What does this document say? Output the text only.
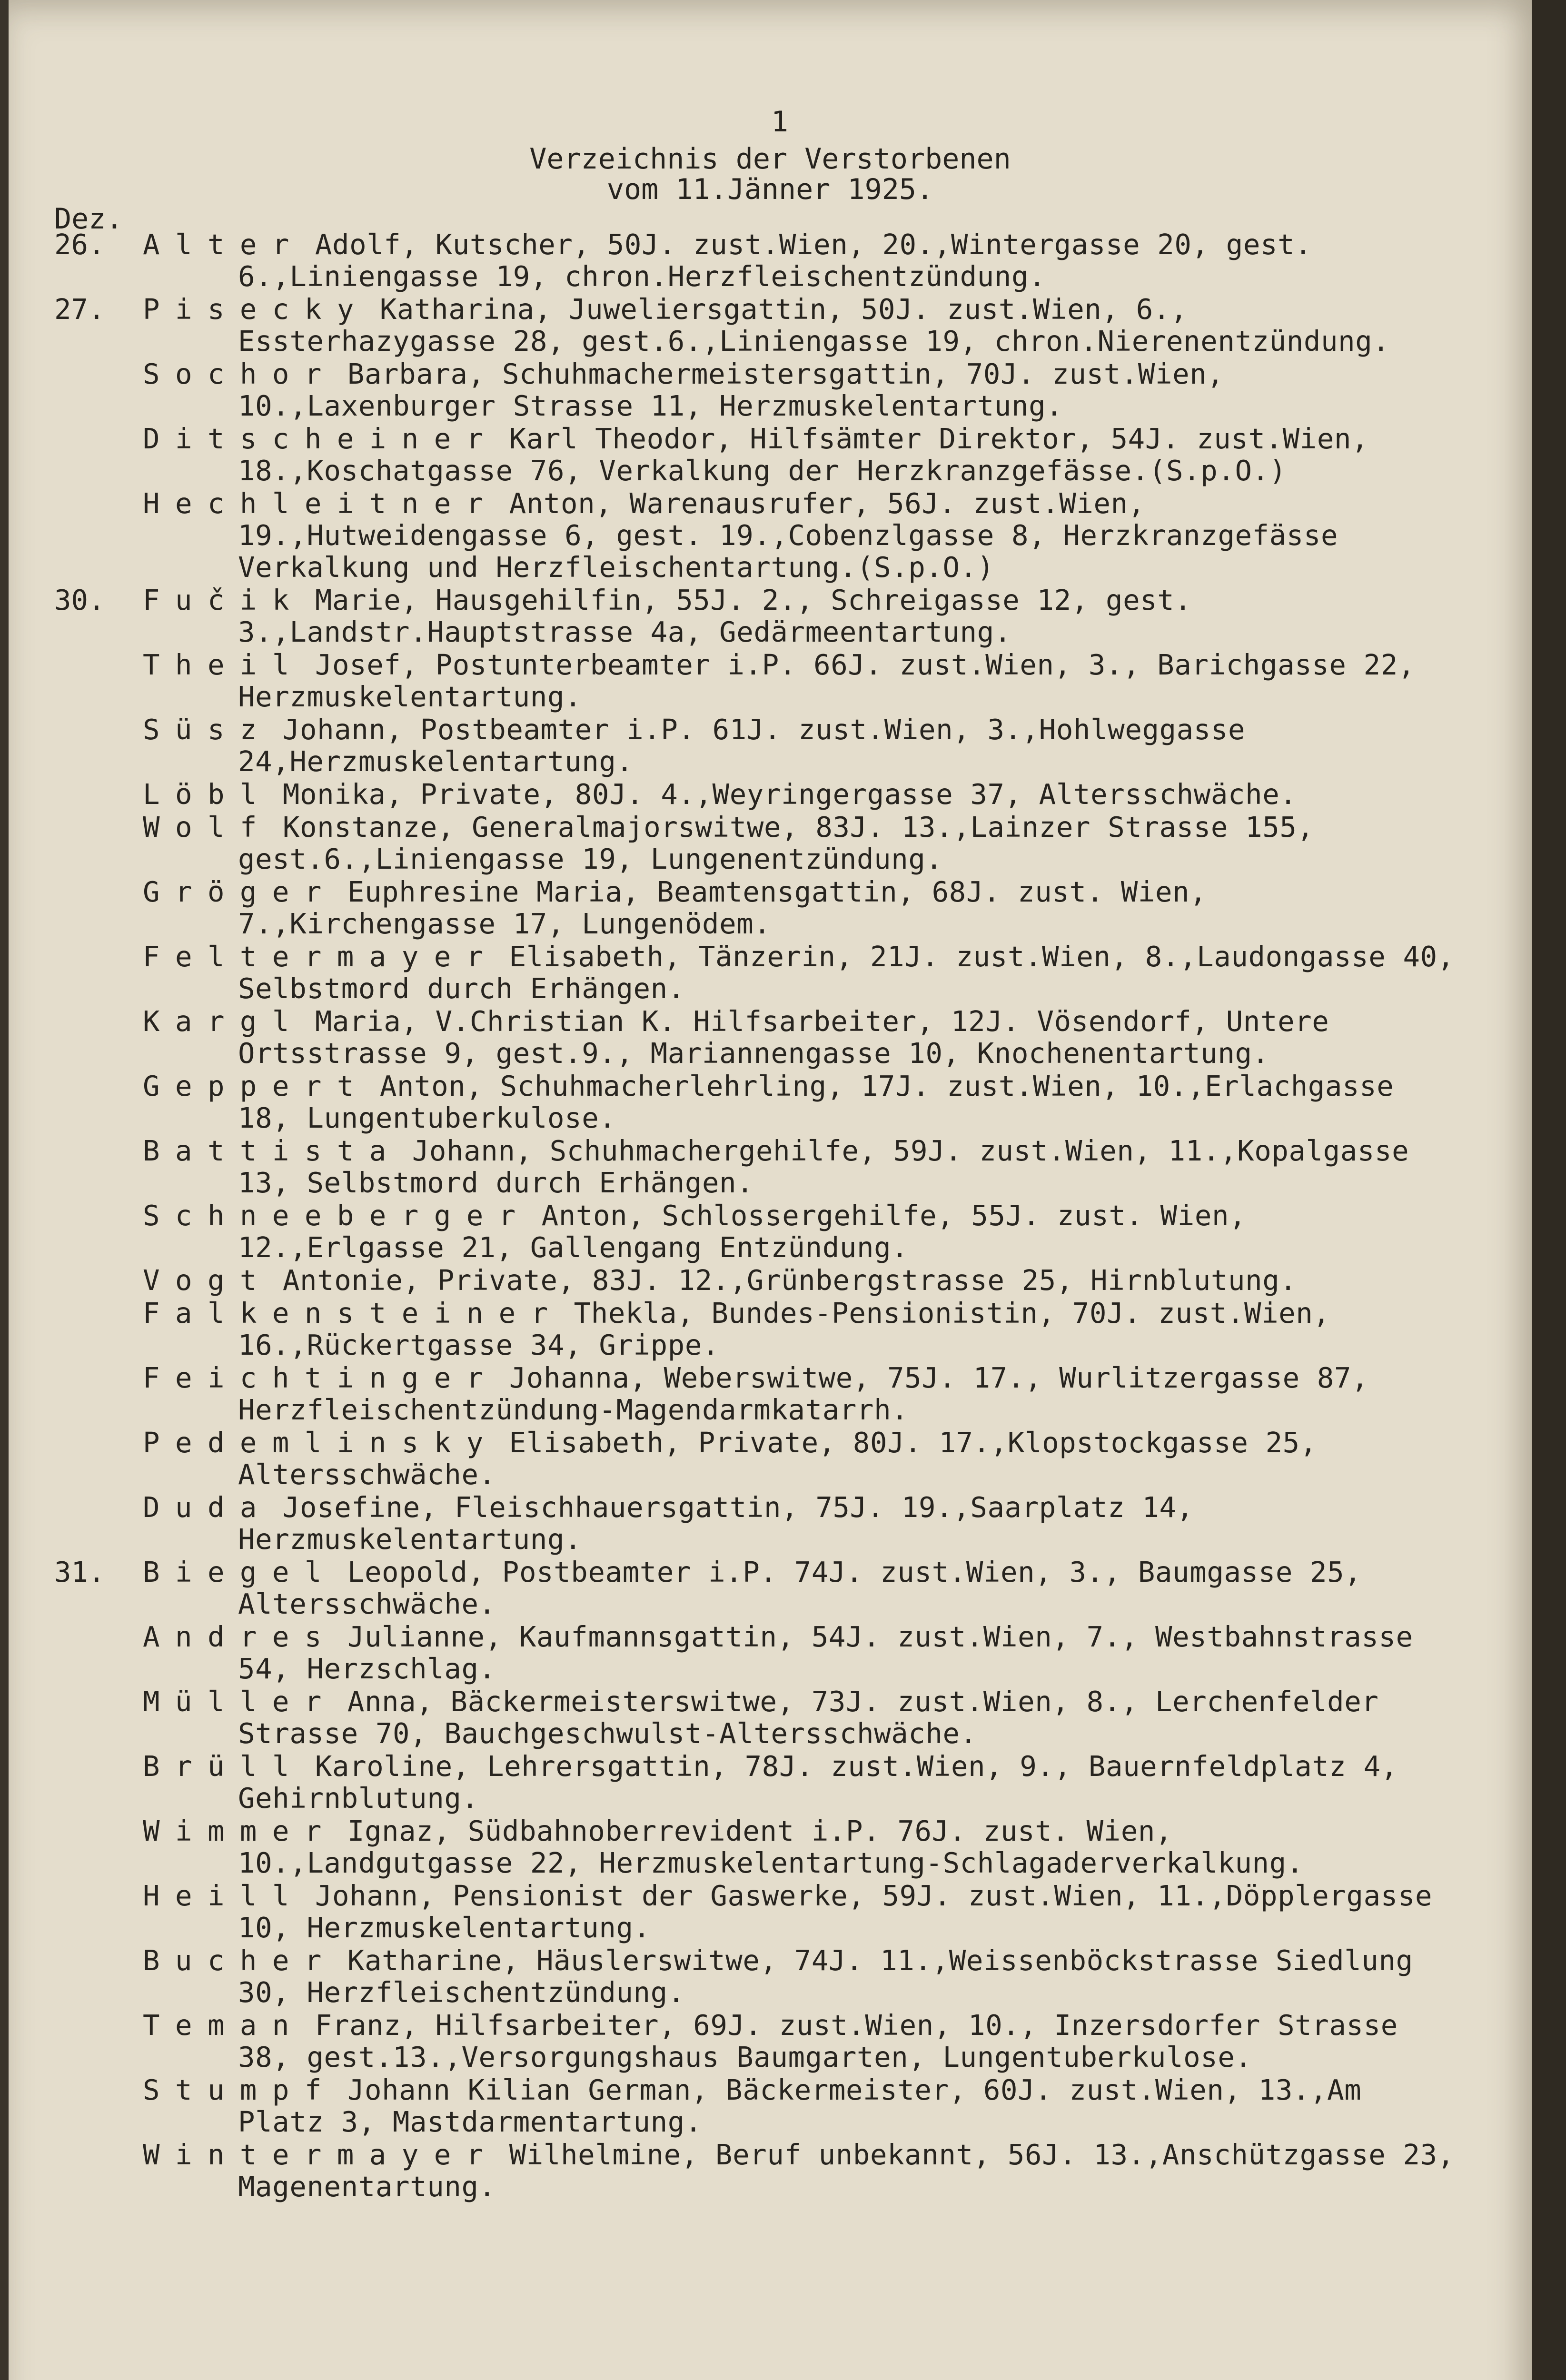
1
Verzeichnis der Verstorbenen
vom 11.Jänner 1925.
Dez.
26. Alter Adolf, Kutscher, 50J. zust.Wien, 20.,Wintergasse 20, gest. 6.,Liniengasse 19, chron.Herzfleischentzündung.
27. Pisecky Katharina, Juweliersgattin, 50J. zust.Wien, 6., Essterhazygasse 28, gest.6.,Liniengasse 19, chron.Nierenentzündung.
Sochor Barbara, Schuhmachermeistersgattin, 70J. zust.Wien, 10.,Laxenburger Strasse 11, Herzmuskelentartung.
Ditscheiner Karl Theodor, Hilfsämter Direktor, 54J. zust.Wien, 18.,Koschatgasse 76, Verkalkung der Herzkranzgefässe.(S.p.O.)
Hechleitner Anton, Warenausrufer, 56J. zust.Wien, 19.,Hutweidengasse 6, gest. 19.,Cobenzlgasse 8, Herzkranzgefässe Verkalkung und Herzfleischentartung.(S.p.O.)
30. Fučik Marie, Hausgehilfin, 55J. 2., Schreigasse 12, gest. 3.,Landstr.Hauptstrasse 4a, Gedärmeentartung.
Theil Josef, Postunterbeamter i.P. 66J. zust.Wien, 3., Barichgasse 22, Herzmuskelentartung.
Süsz Johann, Postbeamter i.P. 61J. zust.Wien, 3.,Hohlweggasse 24,Herzmuskelentartung.
Löbl Monika, Private, 80J. 4.,Weyringergasse 37, Altersschwäche.
Wolf Konstanze, Generalmajorswitwe, 83J. 13.,Lainzer Strasse 155, gest.6.,Liniengasse 19, Lungenentzündung.
Gröger Euphresine Maria, Beamtensgattin, 68J. zust. Wien, 7.,Kirchengasse 17, Lungenödem.
Feltermayer Elisabeth, Tänzerin, 21J. zust.Wien, 8.,Laudongasse 40, Selbstmord durch Erhängen.
Kargl Maria, V.Christian K. Hilfsarbeiter, 12J. Vösendorf, Untere Ortsstrasse 9, gest.9., Mariannengasse 10, Knochenentartung.
Geppert Anton, Schuhmacherlehrling, 17J. zust.Wien, 10.,Erlachgasse 18, Lungentuberkulose.
Battista Johann, Schuhmachergehilfe, 59J. zust.Wien, 11.,Kopalgasse 13, Selbstmord durch Erhängen.
Schneeberger Anton, Schlossergehilfe, 55J. zust. Wien, 12.,Erlgasse 21, Gallengang Entzündung.
Vogt Antonie, Private, 83J. 12.,Grünbergstrasse 25, Hirnblutung.
Falkensteiner Thekla, Bundes-Pensionistin, 70J. zust.Wien, 16.,Rückertgasse 34, Grippe.
Feichtinger Johanna, Weberswitwe, 75J. 17., Wurlitzergasse 87, Herzfleischentzündung-Magendarmkatarrh.
Pedemlinsky Elisabeth, Private, 80J. 17.,Klopstockgasse 25, Altersschwäche.
Duda Josefine, Fleischhauersgattin, 75J. 19.,Saarplatz 14, Herzmuskelentartung.
31. Biegel Leopold, Postbeamter i.P. 74J. zust.Wien, 3., Baumgasse 25, Altersschwäche.
Andres Julianne, Kaufmannsgattin, 54J. zust.Wien, 7., Westbahnstrasse 54, Herzschlag.
Müller Anna, Bäckermeisterswitwe, 73J. zust.Wien, 8., Lerchenfelder Strasse 70, Bauchgeschwulst-Altersschwäche.
Brüll Karoline, Lehrersgattin, 78J. zust.Wien, 9., Bauernfeldplatz 4, Gehirnblutung.
Wimmer Ignaz, Südbahnoberrevident i.P. 76J. zust. Wien, 10.,Landgutgasse 22, Herzmuskelentartung-Schlagaderverkalkung.
Heill Johann, Pensionist der Gaswerke, 59J. zust.Wien, 11.,Döpplergasse 10, Herzmuskelentartung.
Bucher Katharine, Häuslerswitwe, 74J. 11.,Weissenböckstrasse Siedlung 30, Herzfleischentzündung.
Teman Franz, Hilfsarbeiter, 69J. zust.Wien, 10., Inzersdorfer Strasse 38, gest.13.,Versorgungshaus Baumgarten, Lungentuberkulose.
Stumpf Johann Kilian German, Bäckermeister, 60J. zust.Wien, 13.,Am Platz 3, Mastdarmentartung.
Wintermayer Wilhelmine, Beruf unbekannt, 56J. 13.,Anschützgasse 23, Magenentartung.
